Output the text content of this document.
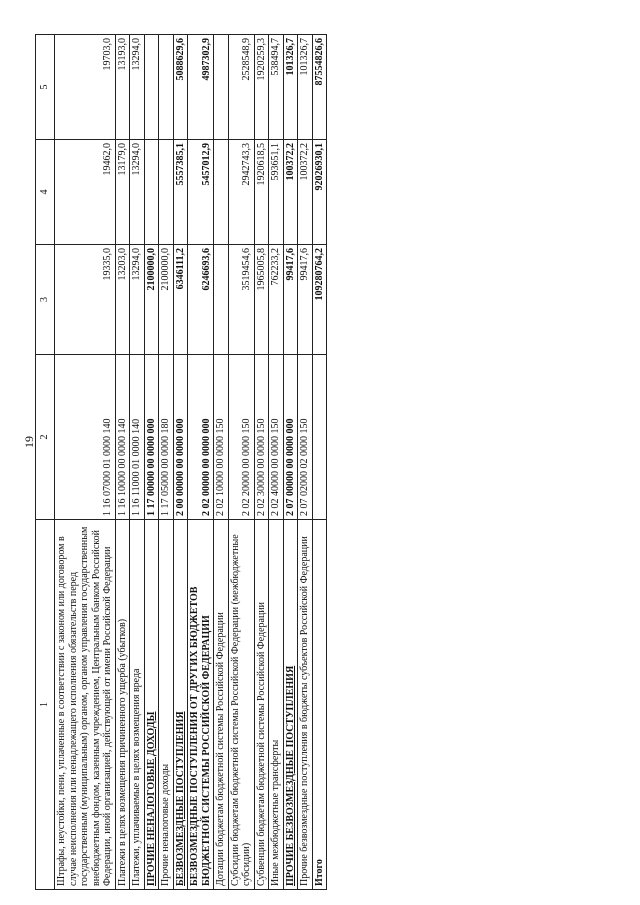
19
1	2	3	4	5
Штрафы, неустойки, пени, уплаченные в соответствии с законом или договором в случае неисполнения или ненадлежащего исполнения обязательств перед государственным (муниципальным) органом, органом управления государственным внебюджетным фондом, казенным учреждением, Центральным банком Российской Федерации, иной организацией, действующей от имени Российской Федерации	1 16 07000 01 0000 140	19335,0	19462,0	19703,0
Платежи в целях возмещения причиненного ущерба (убытков)	1 16 10000 00 0000 140	13203,0	13179,0	13193,0
Платежи, уплачиваемые в целях возмещения вреда	1 16 11000 01 0000 140	13294,0	13294,0	13294,0
ПРОЧИЕ НЕНАЛОГОВЫЕ ДОХОДЫ	1 17 00000 00 0000 000	2100000,0		
Прочие неналоговые доходы	1 17 05000 00 0000 180	2100000,0		
БЕЗВОЗМЕЗДНЫЕ ПОСТУПЛЕНИЯ	2 00 00000 00 0000 000	6346111,2	5557385,1	5088629,6
БЕЗВОЗМЕЗДНЫЕ ПОСТУПЛЕНИЯ ОТ ДРУГИХ БЮДЖЕТОВ БЮДЖЕТНОЙ СИСТЕМЫ РОССИЙСКОЙ ФЕДЕРАЦИИ	2 02 00000 00 0000 000	6246693,6	5457012,9	4987302,9
Дотации бюджетам бюджетной системы Российской Федерации	2 02 10000 00 0000 150			
Субсидии бюджетам бюджетной системы Российской Федерации (межбюджетные субсидии)	2 02 20000 00 0000 150	3519454,6	2942743,3	2528548,9
Субвенции бюджетам бюджетной системы Российской Федерации	2 02 30000 00 0000 150	1965005,8	1920618,5	1920259,3
Иные межбюджетные трансферты	2 02 40000 00 0000 150	762233,2	593651,1	538494,7
ПРОЧИЕ БЕЗВОЗМЕЗДНЫЕ ПОСТУПЛЕНИЯ	2 07 00000 00 0000 000	99417,6	100372,2	101326,7
Прочие безвозмездные поступления в бюджеты субъектов Российской Федерации	2 07 02000 02 0000 150	99417,6	100372,2	101326,7
Итого		109280764,2	92026930,1	87554826,6
